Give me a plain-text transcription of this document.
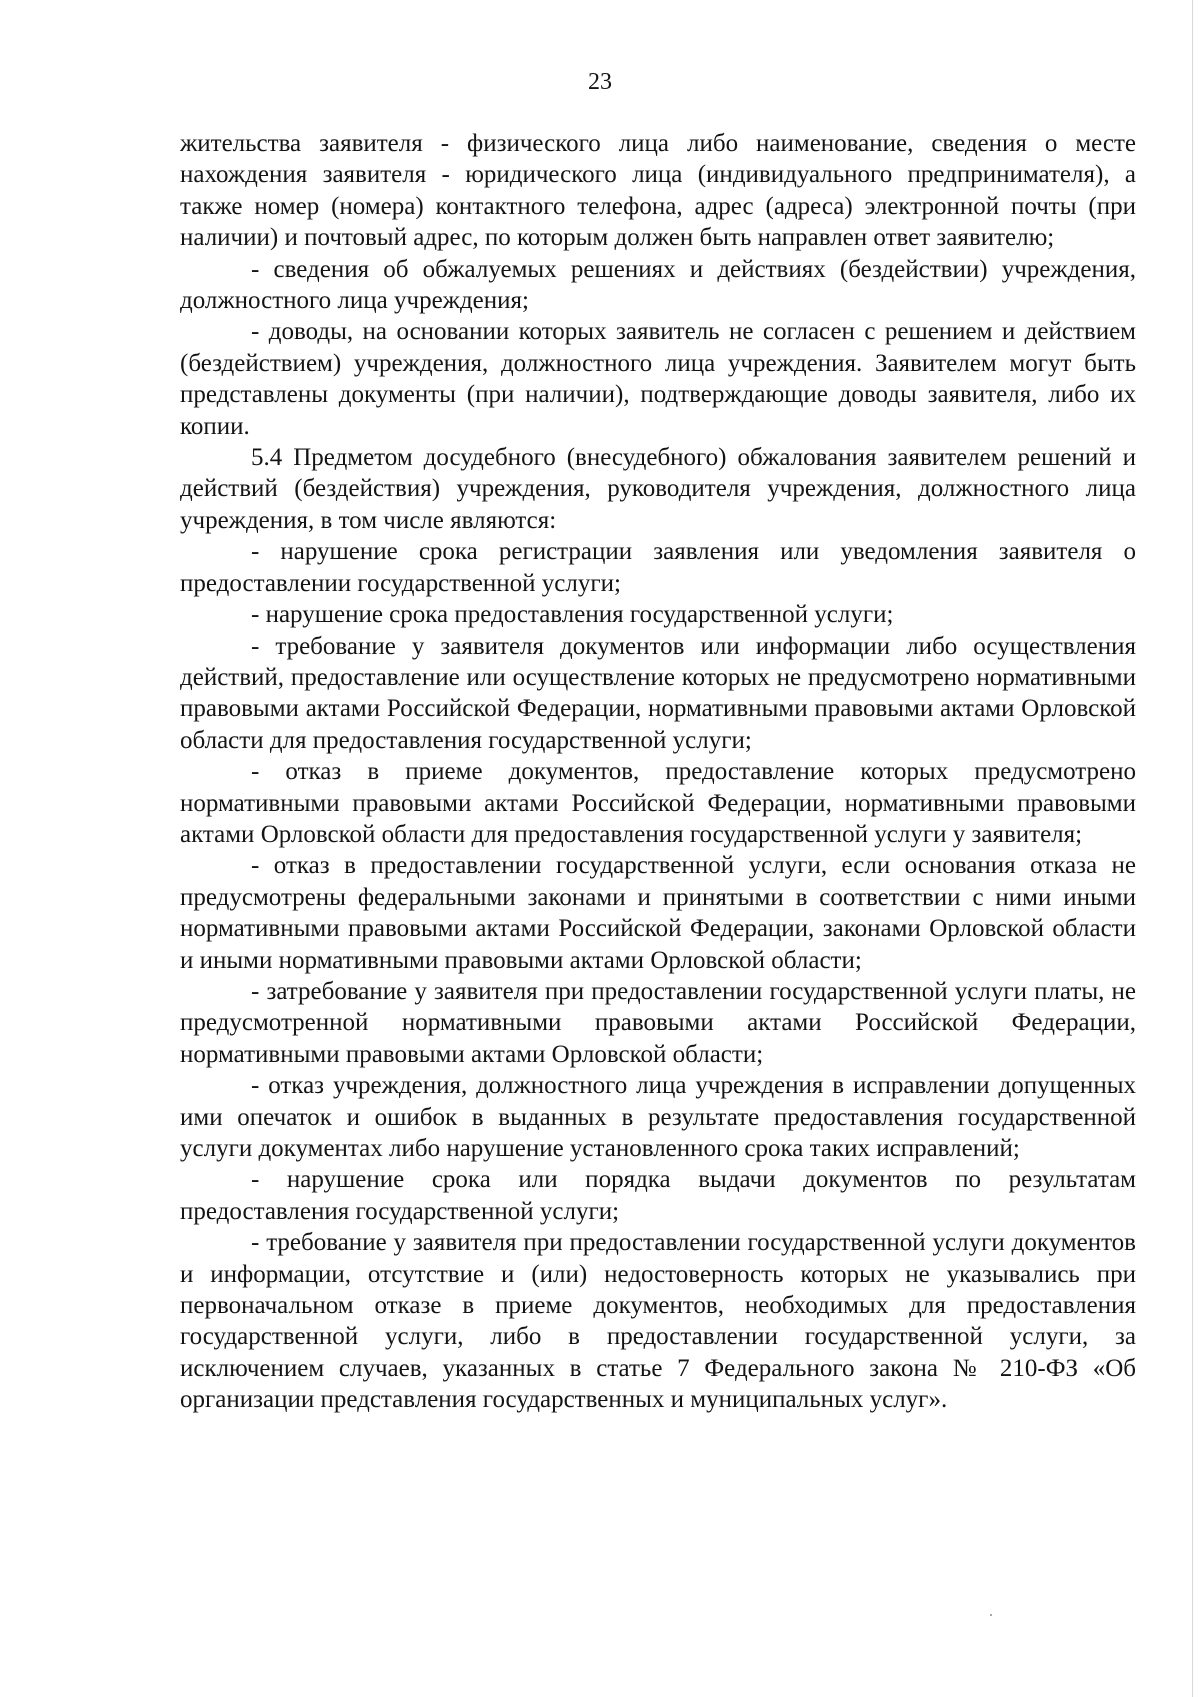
23

жительства заявителя - физического лица либо наименование, сведения о месте нахождения заявителя - юридического лица (индивидуального предпринимателя), а также номер (номера) контактного телефона, адрес (адреса) электронной почты (при наличии) и почтовый адрес, по которым должен быть направлен ответ заявителю;

- сведения об обжалуемых решениях и действиях (бездействии) учреждения, должностного лица учреждения;

- доводы, на основании которых заявитель не согласен с решением и действием (бездействием) учреждения, должностного лица учреждения. Заявителем могут быть представлены документы (при наличии), подтверждающие доводы заявителя, либо их копии.

5.4 Предметом досудебного (внесудебного) обжалования заявителем решений и действий (бездействия) учреждения, руководителя учреждения, должностного лица учреждения, в том числе являются:

- нарушение срока регистрации заявления или уведомления заявителя о предоставлении государственной услуги;

- нарушение срока предоставления государственной услуги;

- требование у заявителя документов или информации либо осуществления действий, предоставление или осуществление которых не предусмотрено нормативными правовыми актами Российской Федерации, нормативными правовыми актами Орловской области для предоставления государственной услуги;

- отказ в приеме документов, предоставление которых предусмотрено нормативными правовыми актами Российской Федерации, нормативными правовыми актами Орловской области для предоставления государственной услуги у заявителя;

- отказ в предоставлении государственной услуги, если основания отказа не предусмотрены федеральными законами и принятыми в соответствии с ними иными нормативными правовыми актами Российской Федерации, законами Орловской области и иными нормативными правовыми актами Орловской области;

- затребование у заявителя при предоставлении государственной услуги платы, не предусмотренной нормативными правовыми актами Российской Федерации, нормативными правовыми актами Орловской области;

- отказ учреждения, должностного лица учреждения в исправлении допущенных ими опечаток и ошибок в выданных в результате предоставления государственной услуги документах либо нарушение установленного срока таких исправлений;

- нарушение срока или порядка выдачи документов по результатам предоставления государственной услуги;

- требование у заявителя при предоставлении государственной услуги документов и информации, отсутствие и (или) недостоверность которых не указывались при первоначальном отказе в приеме документов, необходимых для предоставления государственной услуги, либо в предоставлении государственной услуги, за исключением случаев, указанных в статье 7 Федерального закона № 210-ФЗ «Об организации представления государственных и муниципальных услуг».
